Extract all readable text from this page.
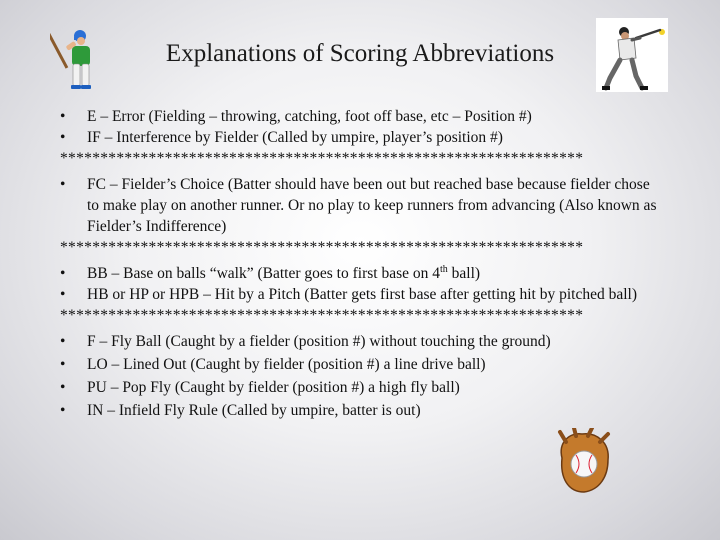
Explanations of Scoring Abbreviations
•	E – Error (Fielding – throwing, catching, foot off base, etc – Position #)
•	IF – Interference by Fielder (Called by umpire, player’s position #)
*****************************************************************
•	FC – Fielder’s Choice (Batter should have been out but reached base because fielder chose to make play on another runner. Or no play to keep runners from advancing (Also known as Fielder’s Indifference)
*****************************************************************
•	BB – Base on balls “walk” (Batter goes to first base on 4th ball)
•	HB or HP or HPB – Hit by a Pitch (Batter gets first base after getting hit by pitched ball)
*****************************************************************
•	F – Fly Ball (Caught by a fielder (position #) without touching the ground)
•	LO – Lined Out (Caught by fielder (position #) a line drive ball)
•	PU – Pop Fly (Caught by fielder (position #) a high fly ball)
•	IN – Infield Fly Rule (Called by umpire, batter is out)
